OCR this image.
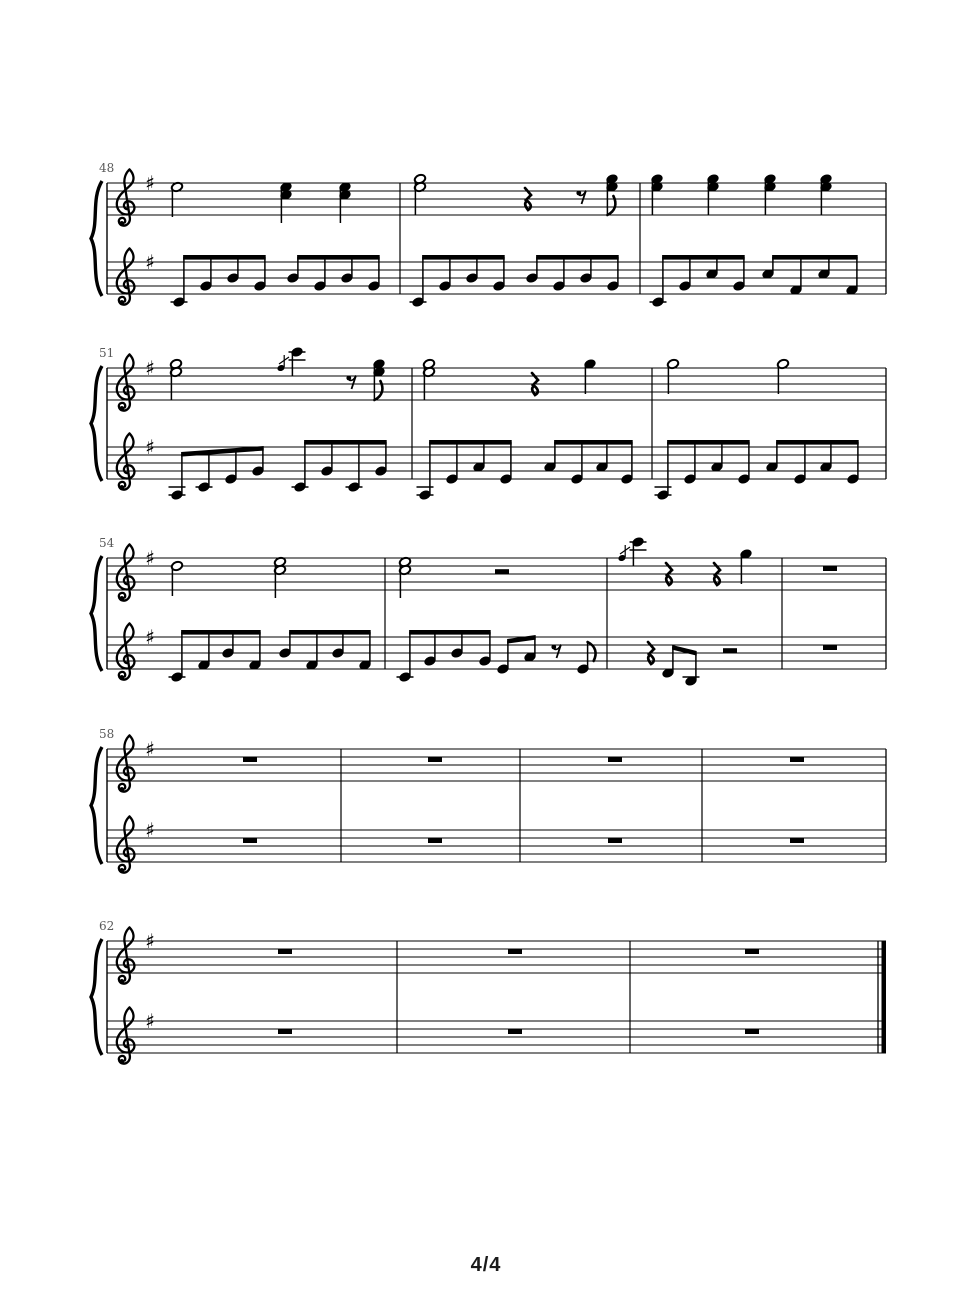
48
♯
♯
51
♯
♯
54
♯
♯
58
♯
♯
62
♯
♯
4/4
